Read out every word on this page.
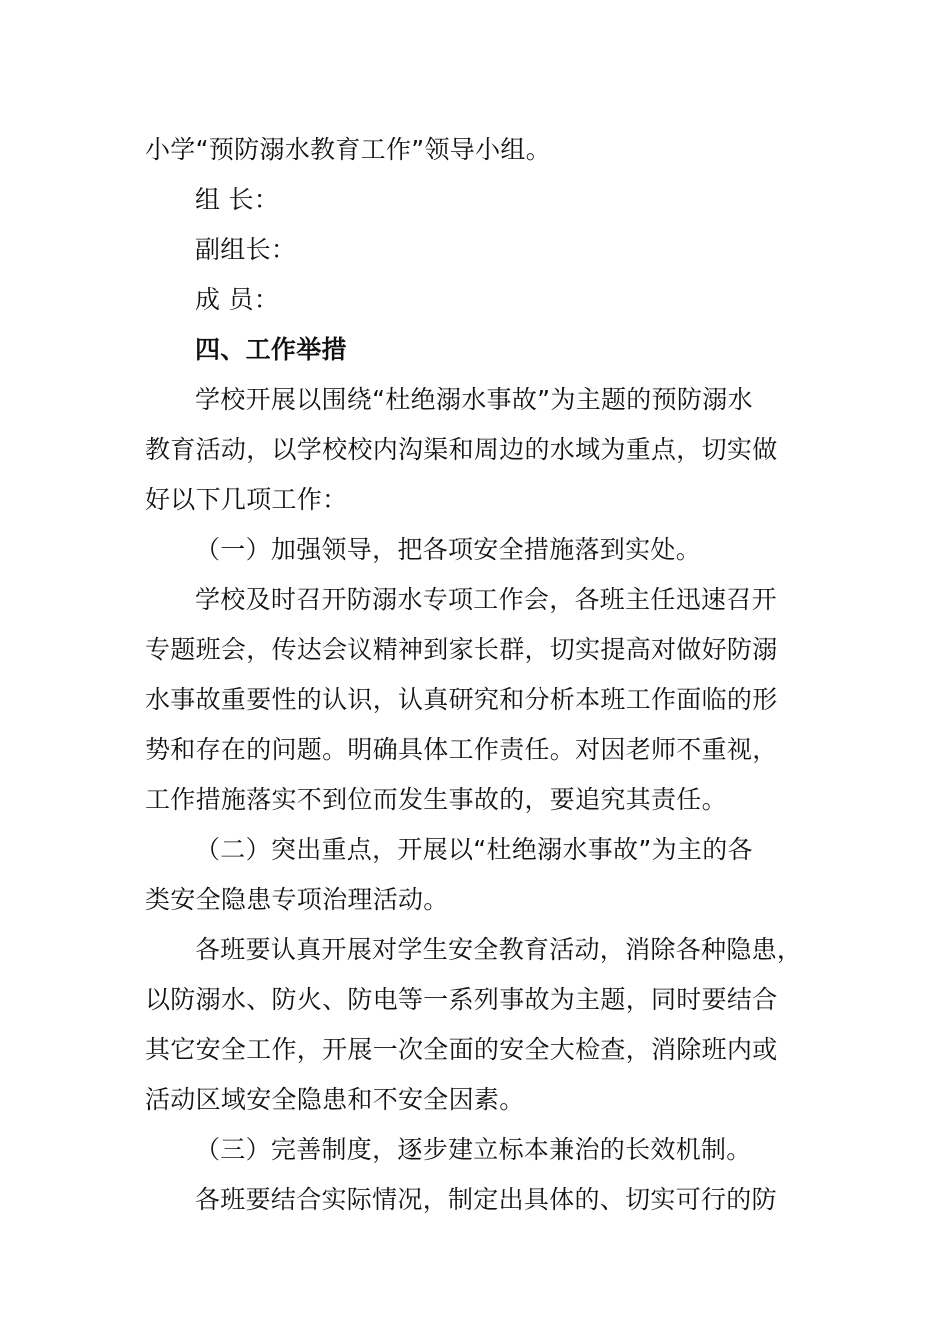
小学“预防溺水教育工作”领导小组。
组 长：
副组长：
成 员：
四、工作举措
学校开展以围绕“杜绝溺水事故”为主题的预防溺水
教育活动，以学校校内沟渠和周边的水域为重点，切实做
好以下几项工作：
（一）加强领导，把各项安全措施落到实处。
学校及时召开防溺水专项工作会，各班主任迅速召开
专题班会，传达会议精神到家长群，切实提高对做好防溺
水事故重要性的认识，认真研究和分析本班工作面临的形
势和存在的问题。明确具体工作责任。对因老师不重视，
工作措施落实不到位而发生事故的，要追究其责任。
（二）突出重点，开展以“杜绝溺水事故”为主的各
类安全隐患专项治理活动。
各班要认真开展对学生安全教育活动，消除各种隐患，
以防溺水、防火、防电等一系列事故为主题，同时要结合
其它安全工作，开展一次全面的安全大检查，消除班内或
活动区域安全隐患和不安全因素。
（三）完善制度，逐步建立标本兼治的长效机制。
各班要结合实际情况，制定出具体的、切实可行的防
